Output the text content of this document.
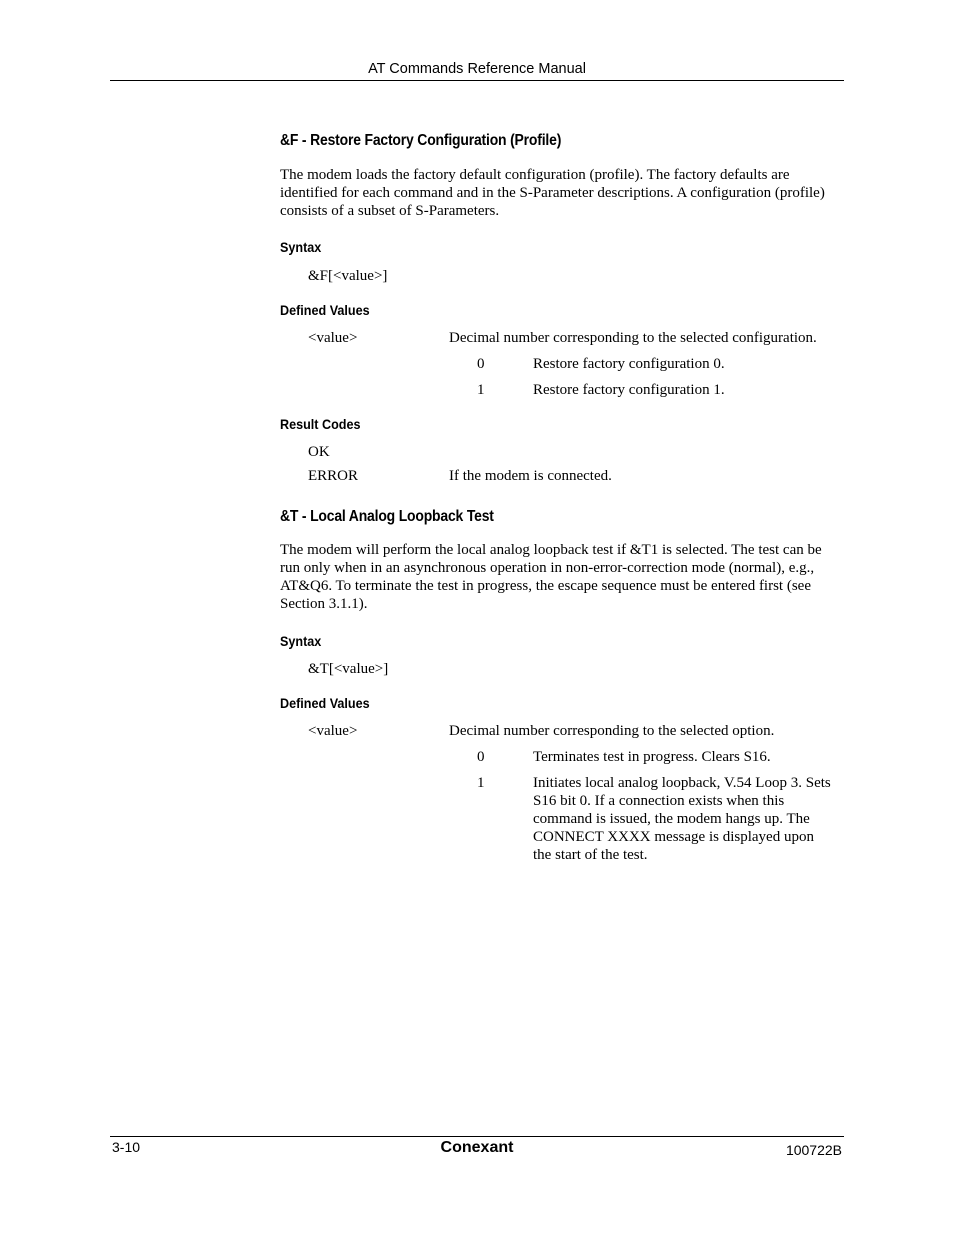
AT Commands Reference Manual
&F - Restore Factory Configuration (Profile)
The modem loads the factory default configuration (profile). The factory defaults are identified for each command and in the S-Parameter descriptions. A configuration (profile) consists of a subset of S-Parameters.
Syntax
&F[<value>]
Defined Values
<value>	Decimal number corresponding to the selected configuration.
0	Restore factory configuration 0.
1	Restore factory configuration 1.
Result Codes
OK
ERROR	If the modem is connected.
&T - Local Analog Loopback Test
The modem will perform the local analog loopback test if &T1 is selected. The test can be run only when in an asynchronous operation in non-error-correction mode (normal), e.g., AT&Q6. To terminate the test in progress, the escape sequence must be entered first (see Section 3.1.1).
Syntax
&T[<value>]
Defined Values
<value>	Decimal number corresponding to the selected option.
0	Terminates test in progress. Clears S16.
1	Initiates local analog loopback, V.54 Loop 3. Sets S16 bit 0. If a connection exists when this command is issued, the modem hangs up. The CONNECT XXXX message is displayed upon the start of the test.
3-10	Conexant	100722B
